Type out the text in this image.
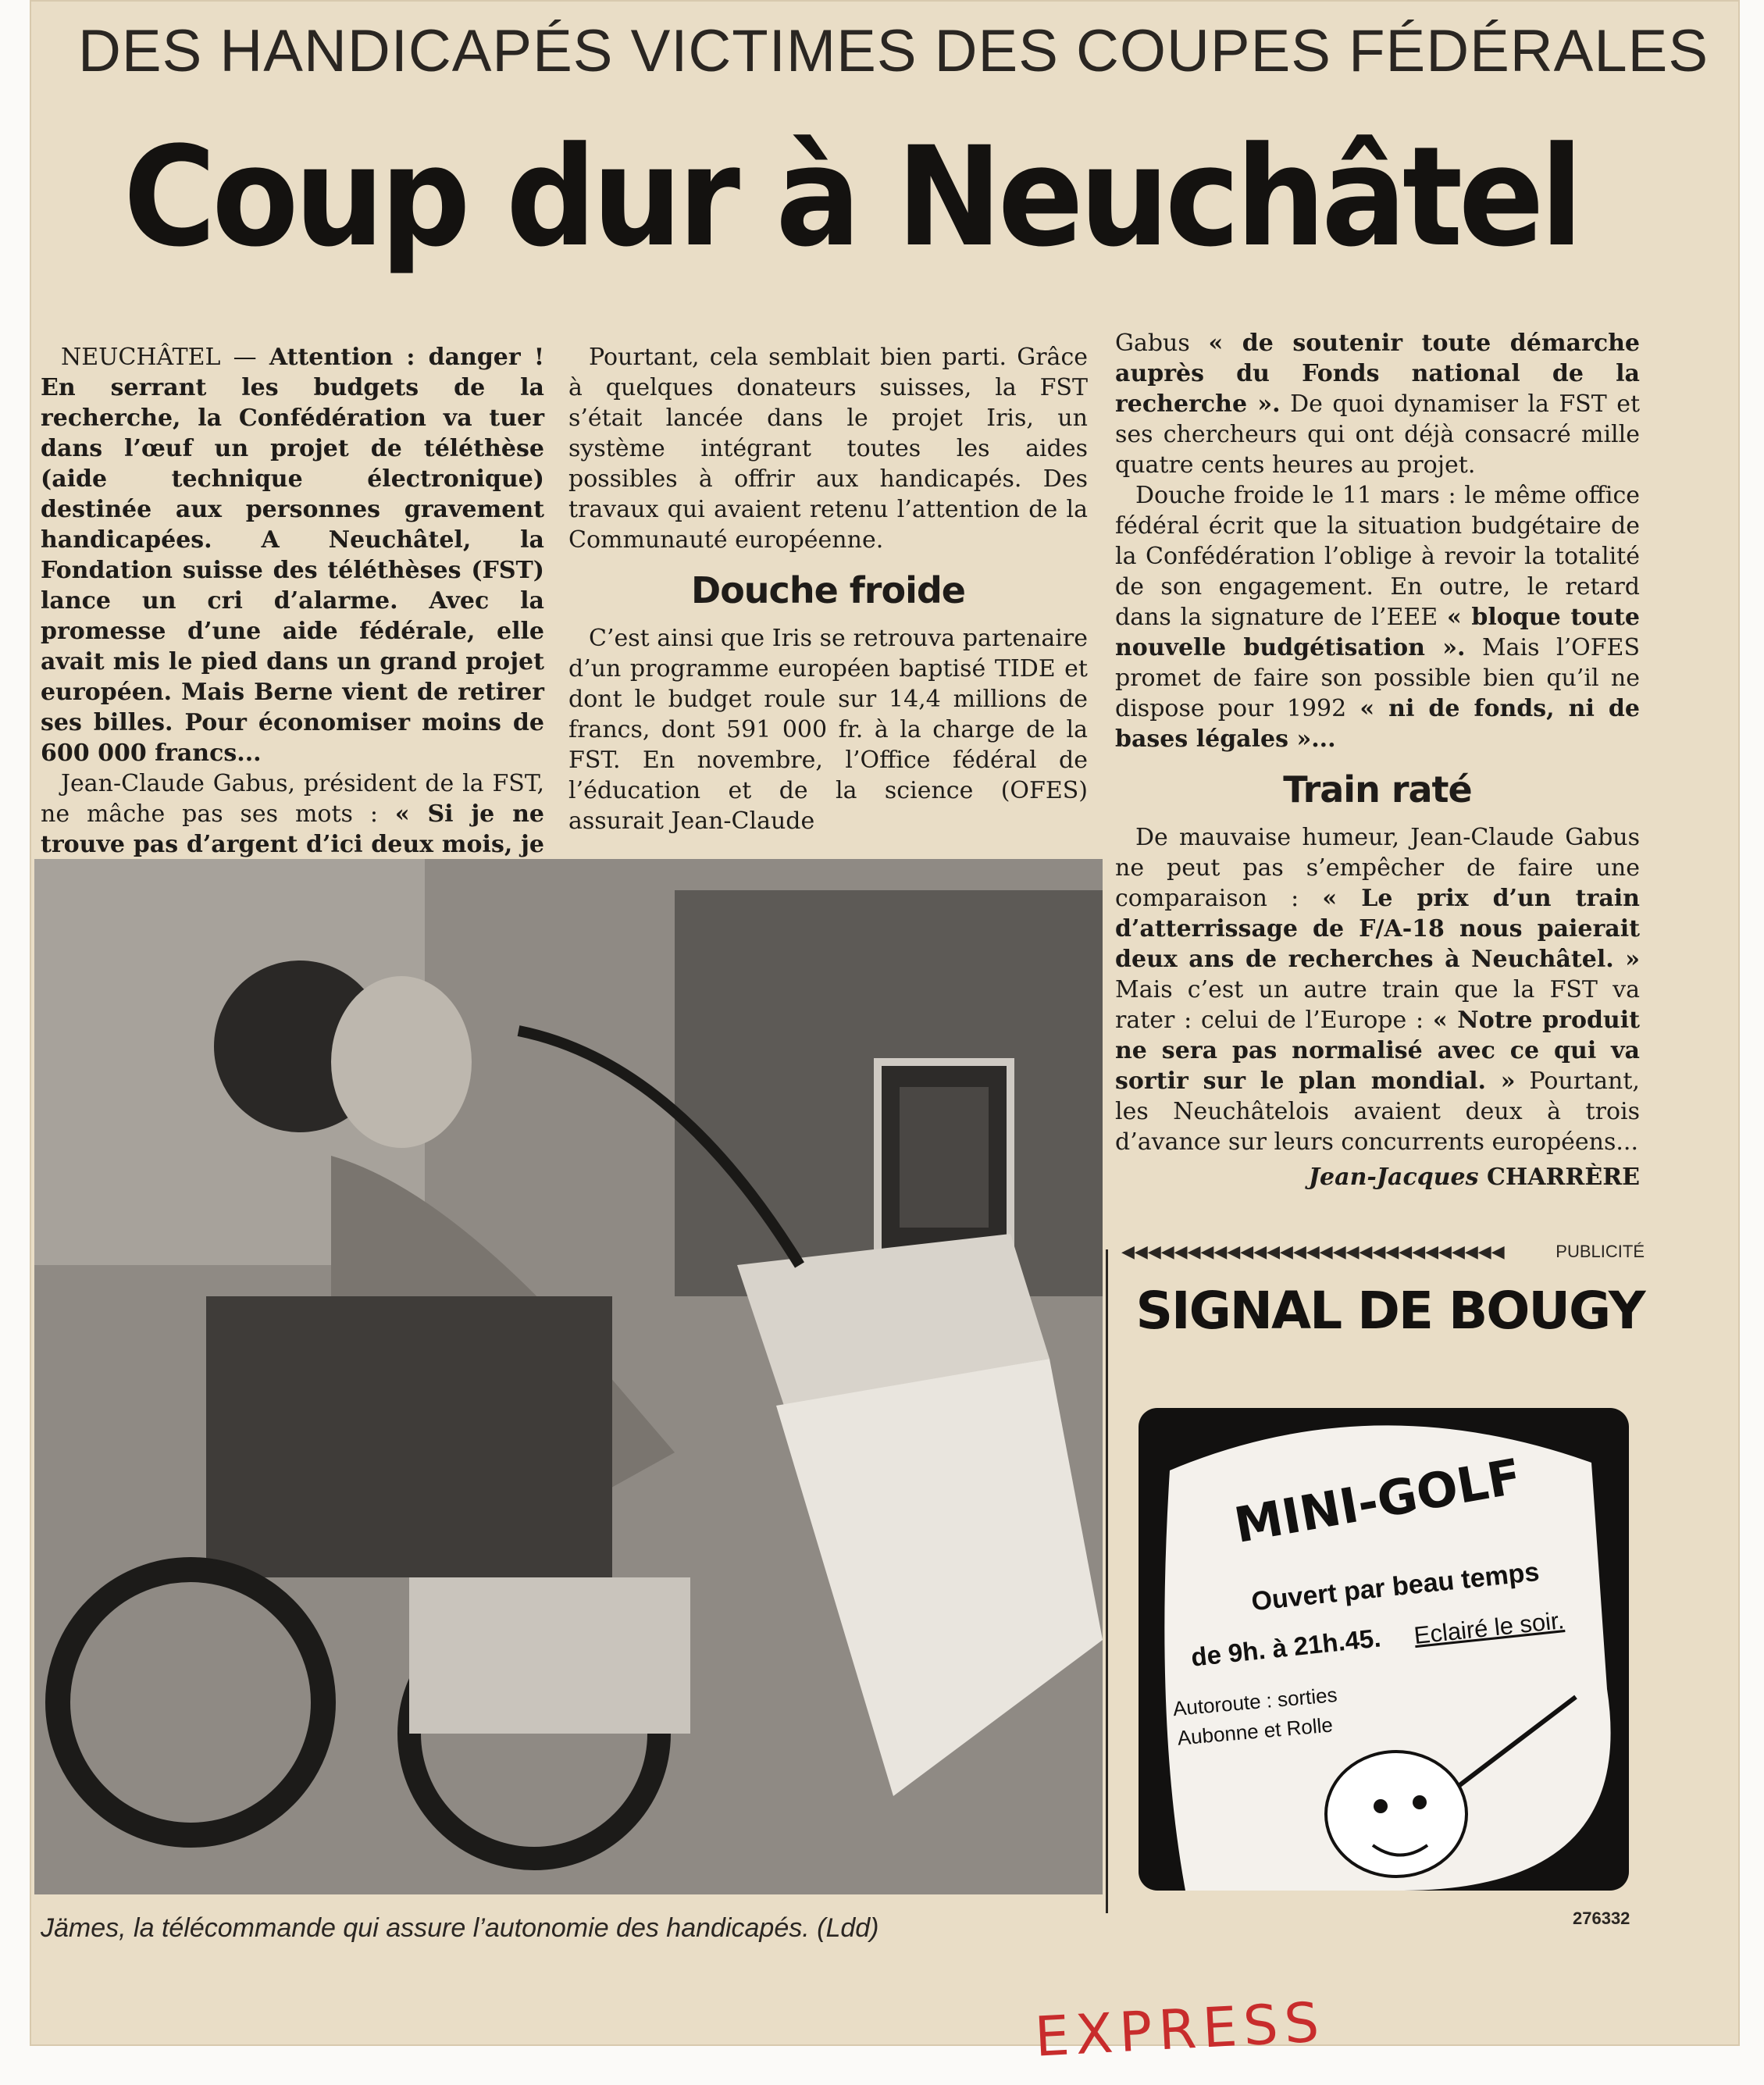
DES HANDICAPÉS VICTIMES DES COUPES FÉDÉRALES
Coup dur à Neuchâtel

NEUCHÂTEL — Attention : danger ! En serrant les budgets de la recherche, la Confédération va tuer dans l’œuf un projet de téléthèse (aide technique électronique) destinée aux personnes gravement handicapées. A Neuchâtel, la Fondation suisse des téléthèses (FST) lance un cri d’alarme. Avec la promesse d’une aide fédérale, elle avait mis le pied dans un grand projet européen. Mais Berne vient de retirer ses billes. Pour économiser moins de 600 000 francs...

Jean-Claude Gabus, président de la FST, ne mâche pas ses mots : « Si je ne trouve pas d’argent d’ici deux mois, je

Pourtant, cela semblait bien parti. Grâce à quelques donateurs suisses, la FST s’était lancée dans le projet Iris, un système intégrant toutes les aides possibles à offrir aux handicapés. Des travaux qui avaient retenu l’attention de la Communauté européenne.

Douche froide

C’est ainsi que Iris se retrouva partenaire d’un programme européen baptisé TIDE et dont le budget roule sur 14,4 millions de francs, dont 591 000 fr. à la charge de la FST. En novembre, l’Office fédéral de l’éducation et de la science (OFES) assurait Jean-Claude

Gabus « de soutenir toute démarche auprès du Fonds national de la recherche ». De quoi dynamiser la FST et ses chercheurs qui ont déjà consacré mille quatre cents heures au projet.

Douche froide le 11 mars : le même office fédéral écrit que la situation budgétaire de la Confédération l’oblige à revoir la totalité de son engagement. En outre, le retard dans la signature de l’EEE « bloque toute nouvelle budgétisation ». Mais l’OFES promet de faire son possible bien qu’il ne dispose pour 1992 « ni de fonds, ni de bases légales »...

Train raté

De mauvaise humeur, Jean-Claude Gabus ne peut pas s’empêcher de faire une comparaison : « Le prix d’un train d’atterrissage de F/A-18 nous paierait deux ans de recherches à Neuchâtel. » Mais c’est un autre train que la FST va rater : celui de l’Europe : « Notre produit ne sera pas normalisé avec ce qui va sortir sur le plan mondial. » Pourtant, les Neuchâtelois avaient deux à trois d’avance sur leurs concurrents européens...

Jean-Jacques CHARRÈRE

Jämes, la télécommande qui assure l’autonomie des handicapés. (Ldd)
◀◀◀◀◀◀◀◀◀◀◀◀◀◀◀◀◀◀◀◀◀◀◀◀◀◀◀◀◀	PUBLICITÉ
SIGNAL DE BOUGY
MINI-GOLF
Ouvert par beau temps
de 9h. à 21h.45. Eclairé le soir.
Autoroute : sorties
Aubonne et Rolle
276332
EXPRESS
